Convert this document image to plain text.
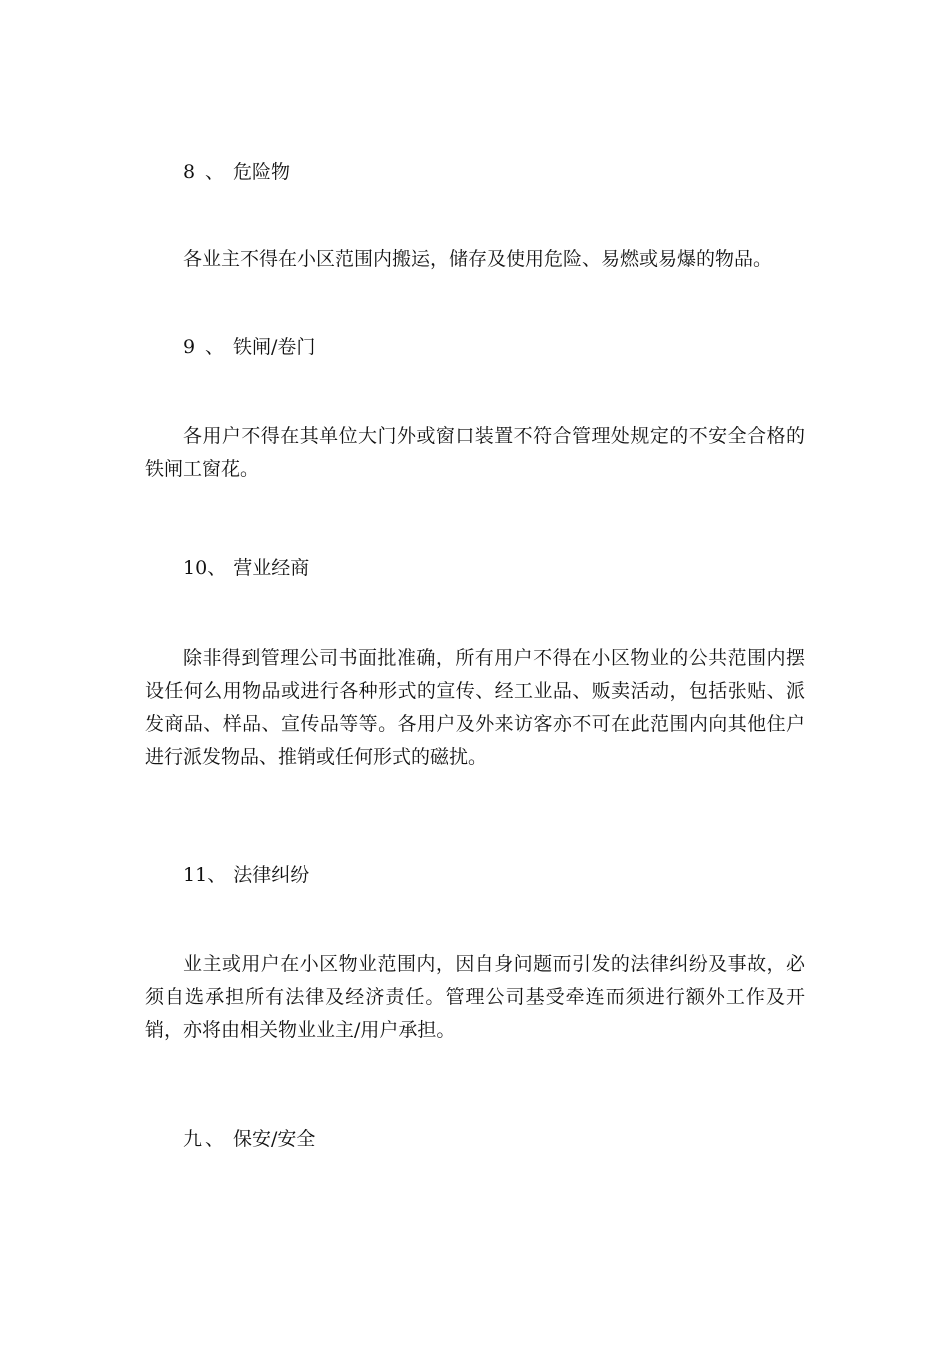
8 、 危险物
各业主不得在小区范围内搬运，储存及使用危险、易燃或易爆的物品。
9 、 铁闸/卷门
各用户不得在其单位大门外或窗口装置不符合管理处规定的不安全合格的铁闸工窗花。
10、 营业经商
除非得到管理公司书面批准确，所有用户不得在小区物业的公共范围内摆设任何么用物品或进行各种形式的宣传、经工业品、贩卖活动，包括张贴、派发商品、样品、宣传品等等。各用户及外来访客亦不可在此范围内向其他住户进行派发物品、推销或任何形式的磁扰。
11、 法律纠纷
业主或用户在小区物业范围内，因自身问题而引发的法律纠纷及事故，必须自选承担所有法律及经济责任。管理公司基受牵连而须进行额外工作及开销，亦将由相关物业业主/用户承担。
九 、 保安/安全
